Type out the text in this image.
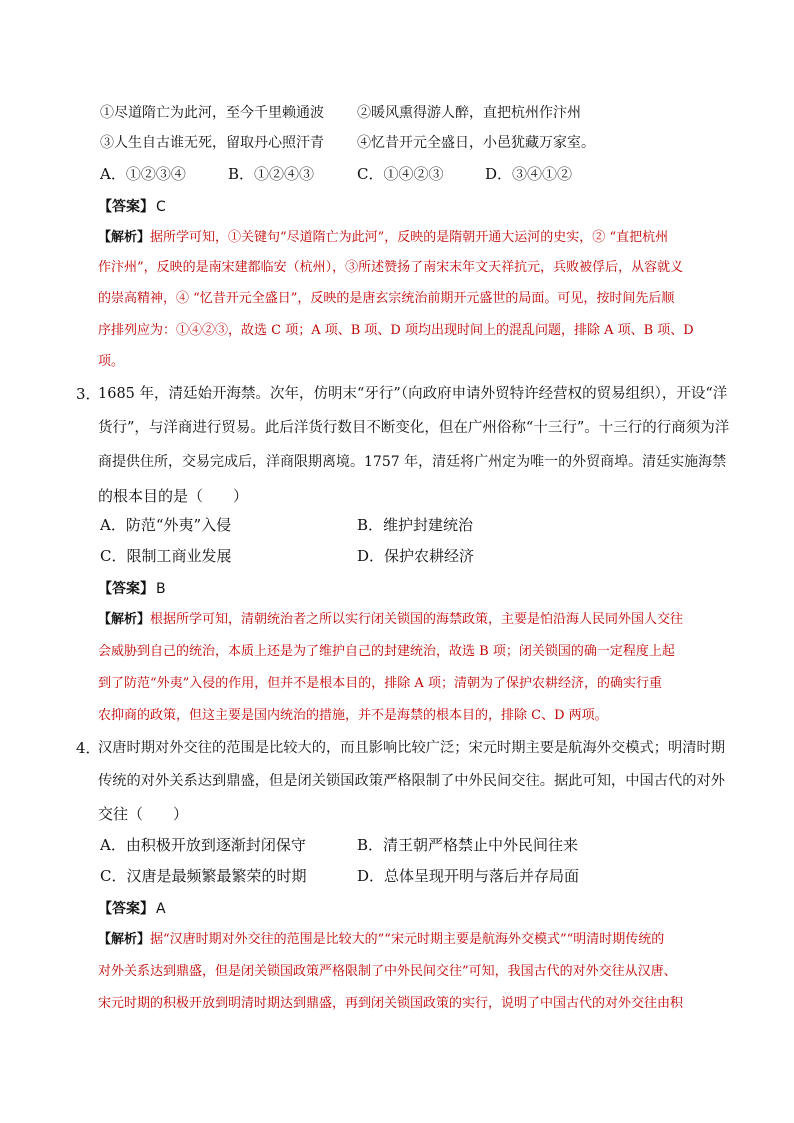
①尽道隋亡为此河，至今千里赖通波 ②暖风熏得游人醉，直把杭州作汴州
③人生自古谁无死，留取丹心照汗青 ④忆昔开元全盛日，小邑犹藏万家室。
A．①②③④	B．①②④③	C．①④②③	D．③④①②
【答案】 C
【解析】据所学可知，①关键句“尽道隋亡为此河”，反映的是隋朝开通大运河的史实，② “直把杭州
作汴州”，反映的是南宋建都临安（杭州），③所述赞扬了南宋末年文天祥抗元，兵败被俘后，从容就义
的崇高精神，④ “忆昔开元全盛日”，反映的是唐玄宗统治前期开元盛世的局面。可见，按时间先后顺
序排列应为：①④②③，故选 C 项；A 项、B 项、D 项均出现时间上的混乱问题，排除 A 项、B 项、D
项。
3．
1685 年，清廷始开海禁。次年，仿明末“牙行”（向政府申请外贸特许经营权的贸易组织），开设“洋
货行”，与洋商进行贸易。此后洋货行数目不断变化，但在广州俗称“十三行”。十三行的行商须为洋
商提供住所，交易完成后，洋商限期离境。1757 年，清廷将广州定为唯一的外贸商埠。清廷实施海禁
的根本目的是（　　）
A．防范“外夷”入侵	B．维护封建统治
C．限制工商业发展	D．保护农耕经济
【答案】 B
【解析】根据所学可知，清朝统治者之所以实行闭关锁国的海禁政策，主要是怕沿海人民同外国人交往
会威胁到自己的统治，本质上还是为了维护自己的封建统治，故选 B 项；闭关锁国的确一定程度上起
到了防范“外夷”入侵的作用，但并不是根本目的，排除 A 项；清朝为了保护农耕经济，的确实行重
农抑商的政策，但这主要是国内统治的措施，并不是海禁的根本目的，排除 C、D 两项。
4．
汉唐时期对外交往的范围是比较大的，而且影响比较广泛；宋元时期主要是航海外交模式；明清时期
传统的对外关系达到鼎盛，但是闭关锁国政策严格限制了中外民间交往。据此可知，中国古代的对外
交往（　　）
A．由积极开放到逐渐封闭保守	B．清王朝严格禁止中外民间往来
C．汉唐是最频繁最繁荣的时期	D．总体呈现开明与落后并存局面
【答案】 A
【解析】据“汉唐时期对外交往的范围是比较大的”“宋元时期主要是航海外交模式”“明清时期传统的
对外关系达到鼎盛，但是闭关锁国政策严格限制了中外民间交往”可知，我国古代的对外交往从汉唐、
宋元时期的积极开放到明清时期达到鼎盛，再到闭关锁国政策的实行，说明了中国古代的对外交往由积
